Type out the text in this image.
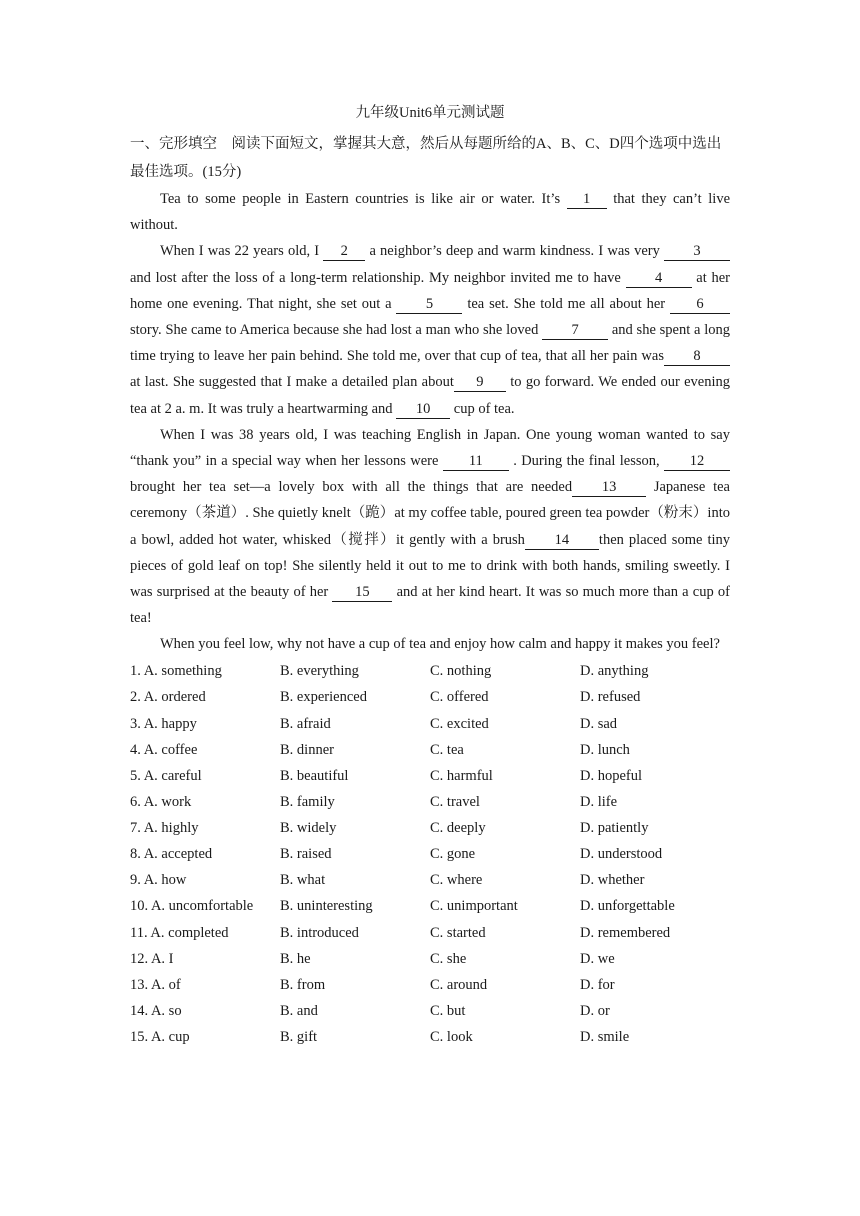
九年级Unit6单元测试题
一、完形填空　阅读下面短文，掌握其大意，然后从每题所给的A、B、C、D四个选项中选出最佳选项。(15分)

Tea to some people in Eastern countries is like air or water. It’s 1 that they can’t live without.

When I was 22 years old, I 2 a neighbor’s deep and warm kindness. I was very 3 and lost after the loss of a long-term relationship. My neighbor invited me to have 4 at her home one evening. That night, she set out a 5 tea set. She told me all about her 6 story. She came to America because she had lost a man who she loved 7 and she spent a long time trying to leave her pain behind. She told me, over that cup of tea, that all her pain was 8at last. She suggested that I make a detailed plan about 9 to go forward. We ended our evening tea at 2 a. m. It was truly a heartwarming and 10 cup of tea.

When I was 38 years old, I was teaching English in Japan. One young woman wanted to say “thank you” in a special way when her lessons were 11 . During the final lesson, 12 brought her tea set—a lovely box with all the things that are needed 13 Japanese tea ceremony（茶道）. She quietly knelt（跪）at my coffee table, poured green tea powder（粉末）into a bowl, added hot water, whisked（搅拌）it gently with a brush 14 then placed some tiny pieces of gold leaf on top! She silently held it out to me to drink with both hands, smiling sweetly. I was surprised at the beauty of her 15 and at her kind heart. It was so much more than a cup of tea!

When you feel low, why not have a cup of tea and enjoy how calm and happy it makes you feel?

1. A. something	B. everything	C. nothing	D. anything
2. A. ordered	B. experienced	C. offered	D. refused
3. A. happy	B. afraid	C. excited	D. sad
4. A. coffee	B. dinner	C. tea	D. lunch
5. A. careful	B. beautiful	C. harmful	D. hopeful
6. A. work	B. family	C. travel	D. life
7. A. highly	B. widely	C. deeply	D. patiently
8. A. accepted	B. raised	C. gone	D. understood
9. A. how	B. what	C. where	D. whether
10. A. uncomfortable	B. uninteresting	C. unimportant	D. unforgettable
11. A. completed	B. introduced	C. started	D. remembered
12. A. I	B. he	C. she	D. we
13. A. of	B. from	C. around	D. for
14. A. so	B. and	C. but	D. or
15. A. cup	B. gift	C. look	D. smile
